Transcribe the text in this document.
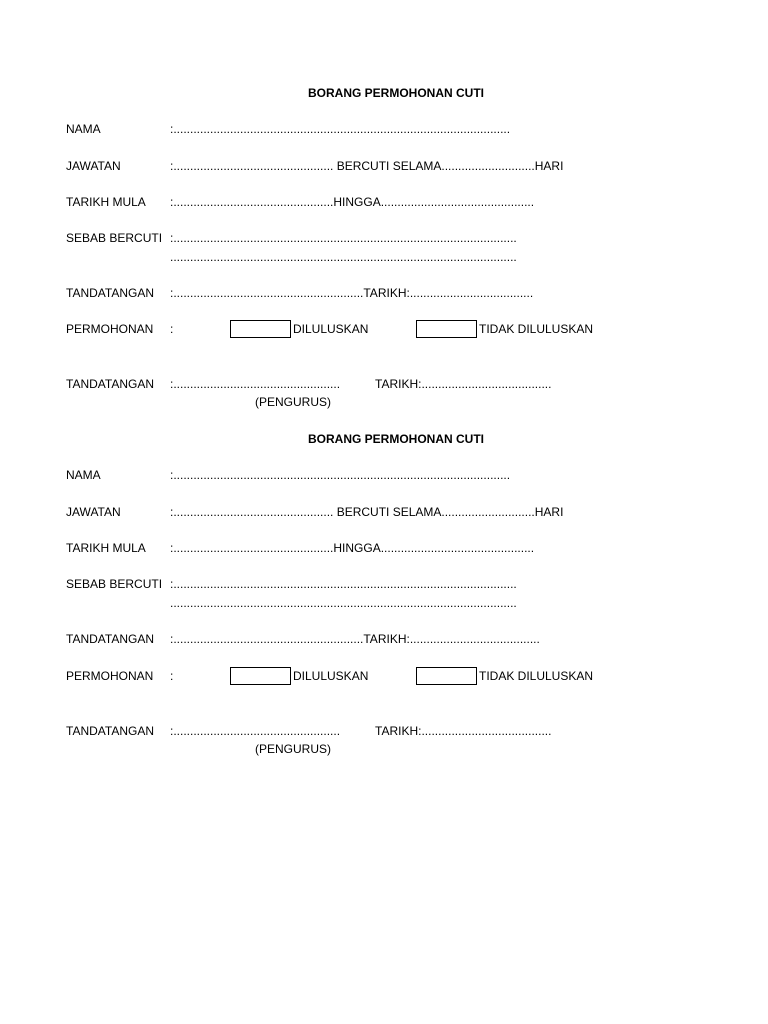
BORANG PERMOHONAN CUTI
NAMA	:.....................................................................................................
JAWATAN	:................................................ BERCUTI SELAMA............................HARI
TARIKH MULA :................................................HINGGA..............................................
SEBAB BERCUTI :.......................................................................................................
........................................................................................................
TANDATANGAN :.........................................................TARIKH:.....................................
PERMOHONAN :	DILULUSKAN	TIDAK DILULUSKAN
TANDATANGAN :..................................................	TARIKH:.......................................
(PENGURUS)
BORANG PERMOHONAN CUTI
NAMA	:.....................................................................................................
JAWATAN	:................................................ BERCUTI SELAMA............................HARI
TARIKH MULA :................................................HINGGA..............................................
SEBAB BERCUTI :.......................................................................................................
........................................................................................................
TANDATANGAN :.........................................................TARIKH:.......................................
PERMOHONAN :	DILULUSKAN	TIDAK DILULUSKAN
TANDATANGAN :..................................................	TARIKH:.......................................
(PENGURUS)
